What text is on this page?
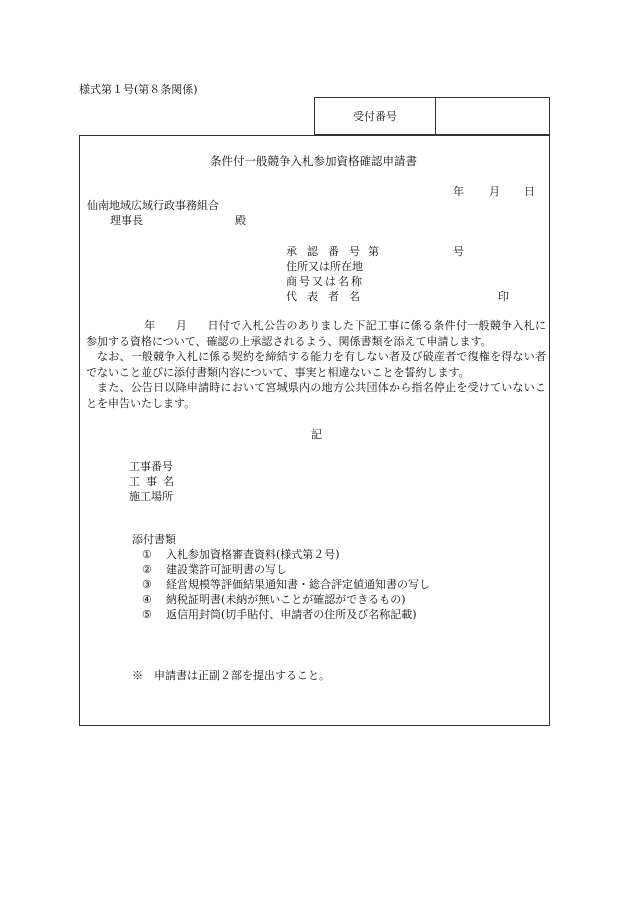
様式第１号(第８条関係)
受付番号
条件付一般競争入札参加資格確認申請書
年 月 日
仙南地域広域行政事務組合
理事長	殿
承認番号
第	号
住所又は所在地
商号又は名称
代表者名	印
年 月 日付で入札公告のありました下記工事に係る条件付一般競争入札に参加する資格について、確認の上承認されるよう、関係書類を添えて申請します。
なお、一般競争入札に係る契約を締結する能力を有しない者及び破産者で復権を得ない者でないこと並びに添付書類内容について、事実と相違ないことを誓約します。
また、公告日以降申請時において宮城県内の地方公共団体から指名停止を受けていないことを申告いたします。
記
工事番号
工事名
施工場所
添付書類
① 入札参加資格審査資料(様式第２号)
② 建設業許可証明書の写し
③ 経営規模等評価結果通知書・総合評定値通知書の写し
④ 納税証明書(未納が無いことが確認ができるもの)
⑤ 返信用封筒(切手貼付、申請者の住所及び名称記載)
※　申請書は正副２部を提出すること。
